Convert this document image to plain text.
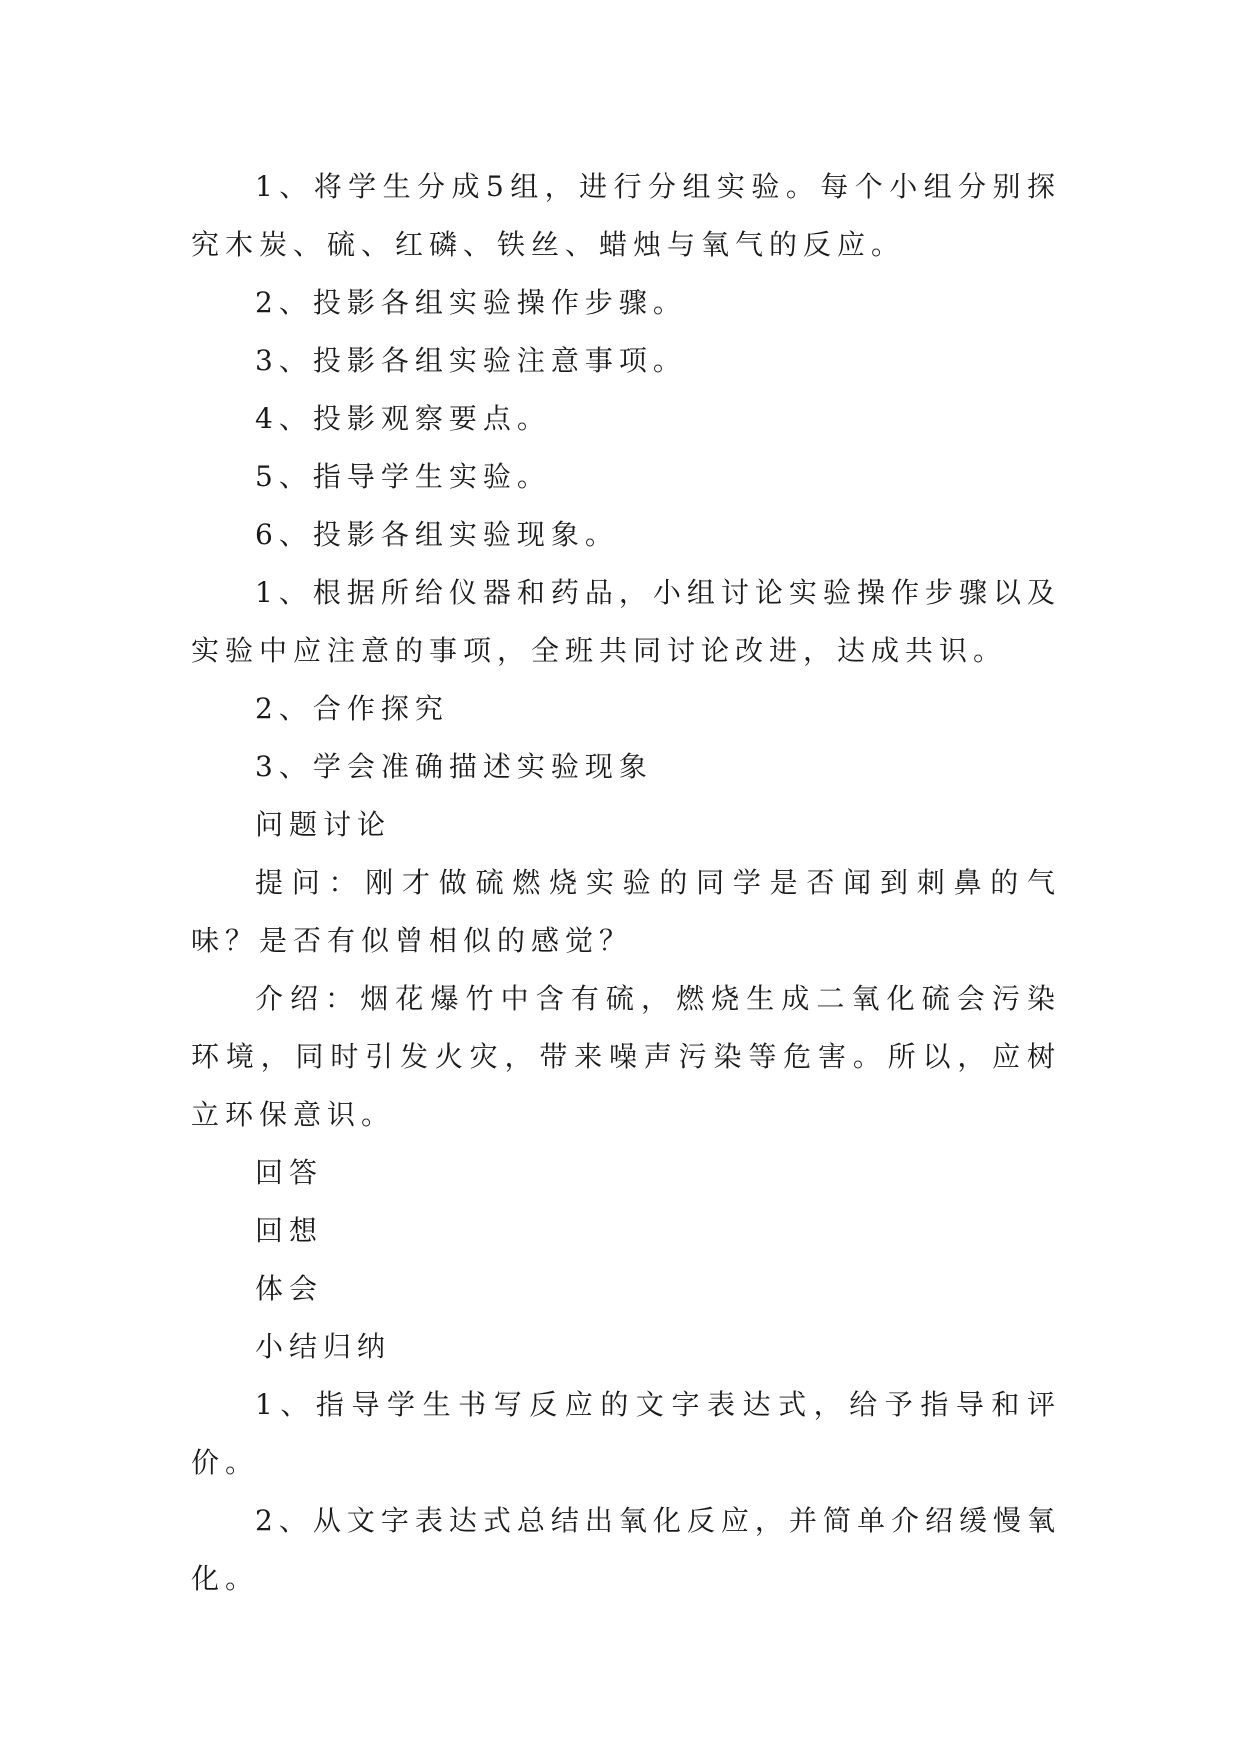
1、将学生分成5组，进行分组实验。每个小组分别探究木炭、硫、红磷、铁丝、蜡烛与氧气的反应。

2、投影各组实验操作步骤。

3、投影各组实验注意事项。

4、投影观察要点。

5、指导学生实验。

6、投影各组实验现象。

1、根据所给仪器和药品，小组讨论实验操作步骤以及实验中应注意的事项，全班共同讨论改进，达成共识。

2、合作探究

3、学会准确描述实验现象

问题讨论

提问：刚才做硫燃烧实验的同学是否闻到刺鼻的气味？是否有似曾相似的感觉？

介绍：烟花爆竹中含有硫，燃烧生成二氧化硫会污染环境，同时引发火灾，带来噪声污染等危害。所以，应树立环保意识。

回答

回想

体会

小结归纳

1、指导学生书写反应的文字表达式，给予指导和评价。

2、从文字表达式总结出氧化反应，并简单介绍缓慢氧化。
